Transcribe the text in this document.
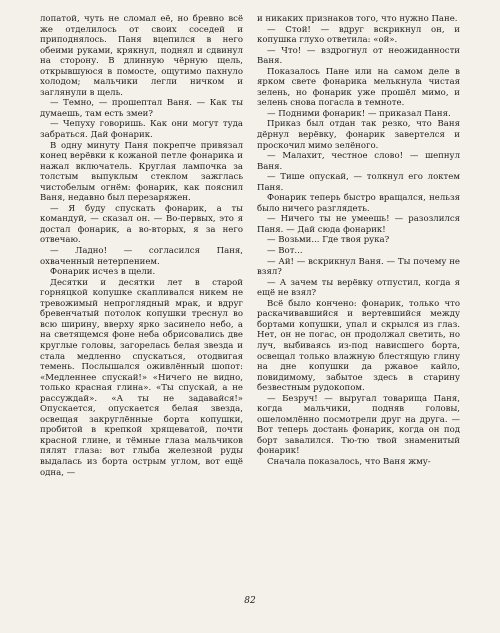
лопатой, чуть не сломал её, но бревно всё же отделилось от своих соседей и приподнялось. Паня вцепился в него обеими руками, крякнул, поднял и сдвинул на сторону. В длинную чёрную щель, открывшуюся в помосте, ощутимо пахнуло холодом; мальчики легли ничком и заглянули в щель.

— Темно, — прошептал Ваня. — Как ты думаешь, там есть змеи?

— Чепуху говоришь. Как они могут туда забраться. Дай фонарик.

В одну минуту Паня покрепче привязал конец верёвки к кожаной петле фонарика и нажал включатель. Круглая лампочка за толстым выпуклым стеклом зажглась чистобелым огнём: фонарик, как пояснил Ваня, недавно был перезаряжен.

— Я буду спускать фонарик, а ты командуй, — сказал он. — Во-первых, это я достал фонарик, а во-вторых, я за него отвечаю.

— Ладно! — согласился Паня, охваченный нетерпением.

Фонарик исчез в щели.

Десятки и десятки лет в старой горняцкой копушке скапливался никем не тревожимый непроглядный мрак, и вдруг бревенчатый потолок копушки треснул во всю ширину, вверху ярко засинело небо, а на светящемся фоне неба обрисовались две круглые головы, загорелась белая звезда и стала медленно спускаться, отодвигая темень. Послышался оживлённый шопот: «Медленнее спускай!» «Ничего не видно, только красная глина». «Ты спускай, а не рассуждай». «А ты не задавайся!» Опускается, опускается белая звезда, освещая закруглённые борта копушки, пробитой в крепкой хрящеватой, почти красной глине, и тёмные глаза мальчиков пялят глаза: вот глыба железной руды выдалась из борта острым углом, вот ещё одна, —

и никаких признаков того, что нужно Пане.

— Стой! — вдруг вскрикнул он, и копушка глухо ответила: «ой».

— Что! — вздрогнул от неожиданности Ваня.

Показалось Пане или на самом деле в ярком свете фонарика мелькнула чистая зелень, но фонарик уже прошёл мимо, и зелень снова погасла в темноте.

— Подними фонарик! — приказал Паня.

Приказ был отдан так резко, что Ваня дёрнул верёвку, фонарик завертелся и проскочил мимо зелёного.

— Малахит, честное слово! — шепнул Ваня.

— Тише опускай, — толкнул его локтем Паня.

Фонарик теперь быстро вращался, нельзя было ничего разглядеть.

— Ничего ты не умеешь! — разозлился Паня. — Дай сюда фонарик!

— Возьми... Где твоя рука?

— Вот...

— Ай! — вскрикнул Ваня. — Ты почему не взял?

— А зачем ты верёвку отпустил, когда я ещё не взял?

Всё было кончено: фонарик, только что раскачивавшийся и вертевшийся между бортами копушки, упал и скрылся из глаз. Нет, он не погас, он продолжал светить, но луч, выбиваясь из-под нависшего борта, освещал только влажную блестящую глину на дне копушки да ржавое кайло, повидимому, забытое здесь в старину безвестным рудокопом.

— Безруч! — выругал товарища Паня, когда мальчики, подняв головы, ошеломлённо посмотрели друг на друга. — Вот теперь достань фонарик, когда он под борт завалился. Тю-тю твой знаменитый фонарик!

Сначала показалось, что Ваня жму-

82
